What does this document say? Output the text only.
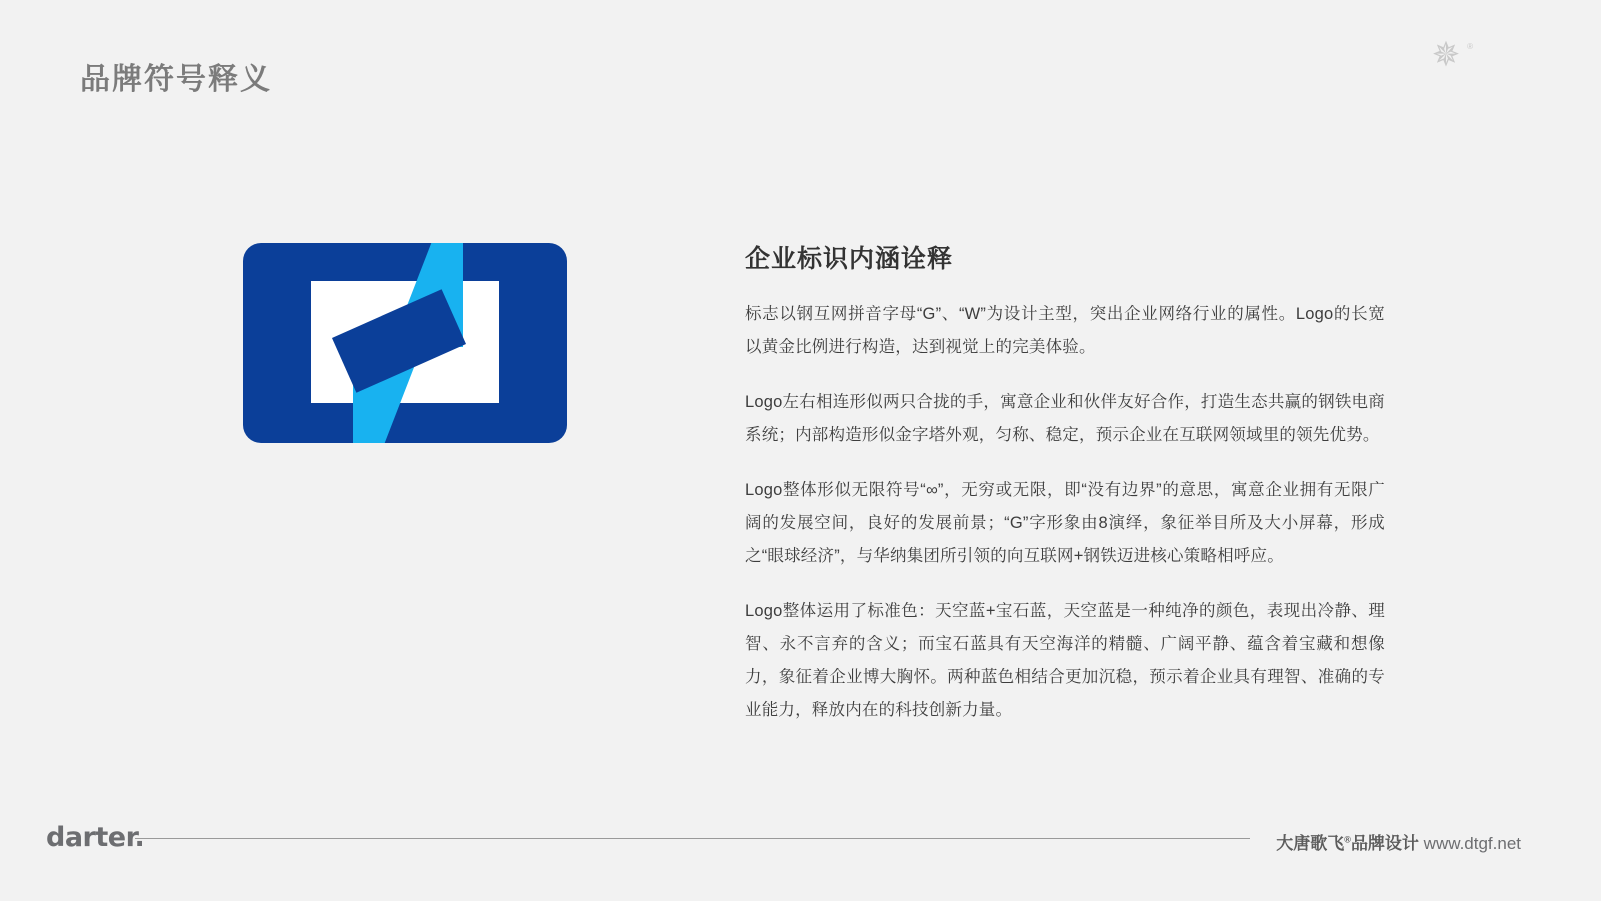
品牌符号释义
✵ ®
企业标识内涵诠释

标志以钢互网拼音字母“G”、“W”为设计主型，突出企业网络行业的属性。Logo的长宽以黄金比例进行构造，达到视觉上的完美体验。

Logo左右相连形似两只合拢的手，寓意企业和伙伴友好合作，打造生态共赢的钢铁电商系统；内部构造形似金字塔外观，匀称、稳定，预示企业在互联网领域里的领先优势。

Logo整体形似无限符号“∞”，无穷或无限，即“没有边界”的意思，寓意企业拥有无限广阔的发展空间，良好的发展前景；“G”字形象由8演绎，象征举目所及大小屏幕，形成之“眼球经济”，与华纳集团所引领的向互联网+钢铁迈进核心策略相呼应。

Logo整体运用了标准色：天空蓝+宝石蓝，天空蓝是一种纯净的颜色，表现出冷静、理智、永不言弃的含义；而宝石蓝具有天空海洋的精髓、广阔平静、蕴含着宝藏和想像力，象征着企业博大胸怀。两种蓝色相结合更加沉稳，预示着企业具有理智、准确的专业能力，释放内在的科技创新力量。

darter	大唐歌飞®品牌设计 www.dtgf.net
